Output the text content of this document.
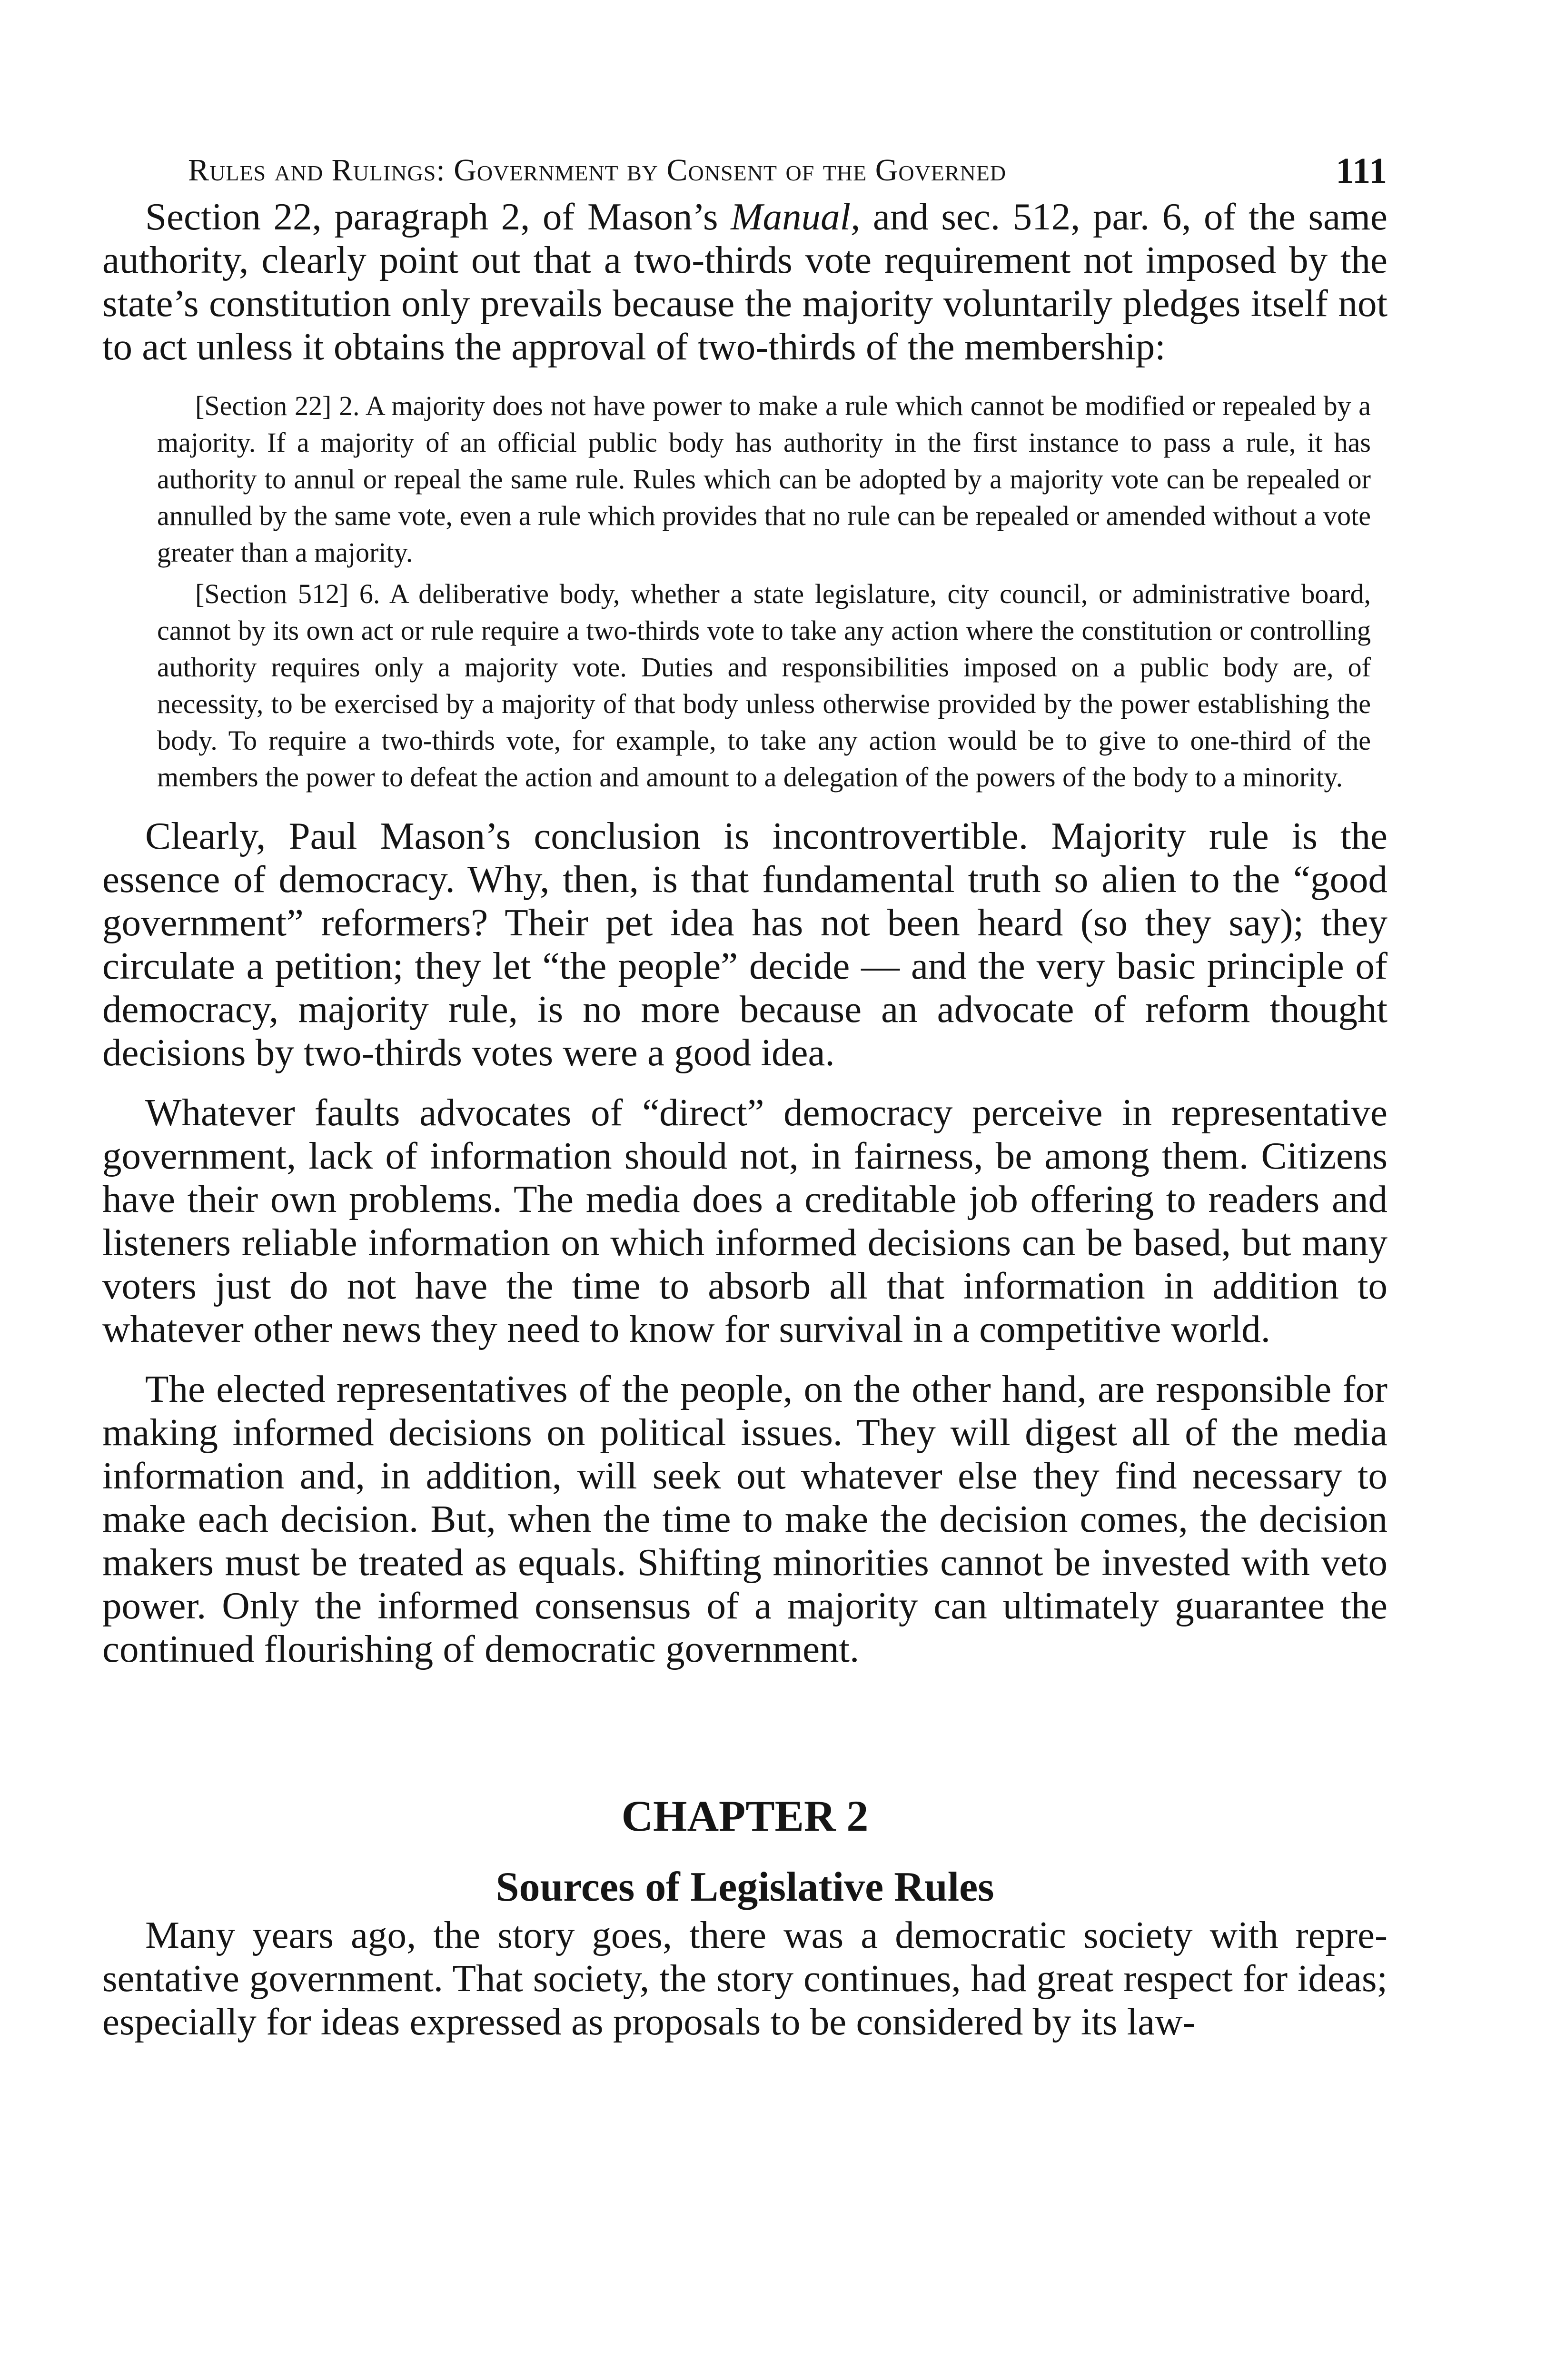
Rules and Rulings: Government by Consent of the Governed	111

Section 22, paragraph 2, of Mason’s Manual, and sec. 512, par. 6, of the same authority, clearly point out that a two-thirds vote requirement not imposed by the state’s constitution only prevails because the majority voluntarily pledges itself not to act unless it obtains the approval of two-thirds of the membership:

[Section 22] 2. A majority does not have power to make a rule which cannot be modified or repealed by a majority. If a majority of an official public body has authority in the first instance to pass a rule, it has authority to annul or repeal the same rule. Rules which can be adopted by a majority vote can be repealed or annulled by the same vote, even a rule which provides that no rule can be repealed or amended without a vote greater than a majority.

[Section 512] 6. A deliberative body, whether a state legislature, city council, or administrative board, cannot by its own act or rule require a two-thirds vote to take any action where the constitution or controlling authority requires only a majority vote. Duties and responsibilities imposed on a public body are, of necessity, to be exercised by a majority of that body unless otherwise provided by the power establishing the body. To require a two-thirds vote, for example, to take any action would be to give to one-third of the members the power to defeat the action and amount to a delegation of the powers of the body to a minority.

Clearly, Paul Mason’s conclusion is incontrovertible. Majority rule is the essence of democracy. Why, then, is that fundamental truth so alien to the “good government” reformers? Their pet idea has not been heard (so they say); they circulate a petition; they let “the people” decide — and the very basic principle of democracy, majority rule, is no more because an advocate of reform thought decisions by two-thirds votes were a good idea.

Whatever faults advocates of “direct” democracy perceive in representative government, lack of information should not, in fairness, be among them. Citizens have their own problems. The media does a creditable job offering to readers and listeners reliable information on which informed decisions can be based, but many voters just do not have the time to absorb all that information in addition to whatever other news they need to know for survival in a competitive world.

The elected representatives of the people, on the other hand, are responsible for making informed decisions on political issues. They will digest all of the media information and, in addition, will seek out whatever else they find necessary to make each decision. But, when the time to make the decision comes, the decision makers must be treated as equals. Shifting minorities cannot be invested with veto power. Only the informed consensus of a majority can ultimately guarantee the continued flourishing of democratic government.

CHAPTER 2
Sources of Legislative Rules

Many years ago, the story goes, there was a democratic society with representative government. That society, the story continues, had great respect for ideas; especially for ideas expressed as proposals to be considered by its law-
